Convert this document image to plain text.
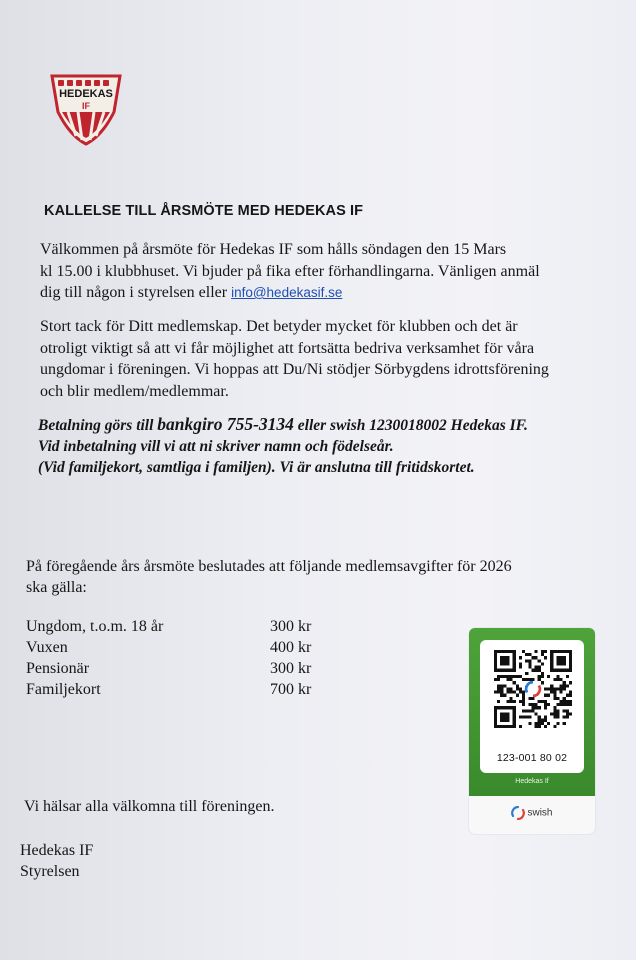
HEDEKAS
IF
KALLELSE TILL ÅRSMÖTE MED HEDEKAS IF

Välkommen på årsmöte för Hedekas IF som hålls söndagen den 15 Mars
kl 15.00 i klubbhuset. Vi bjuder på fika efter förhandlingarna. Vänligen anmäl
dig till någon i styrelsen eller info@hedekasif.se

Stort tack för Ditt medlemskap. Det betyder mycket för klubben och det är
otroligt viktigt så att vi får möjlighet att fortsätta bedriva verksamhet för våra
ungdomar i föreningen. Vi hoppas att Du/Ni stödjer Sörbygdens idrottsförening
och blir medlem/medlemmar.

Betalning görs till bankgiro 755-3134 eller swish 1230018002 Hedekas IF.
Vid inbetalning vill vi att ni skriver namn och födelseår.
(Vid familjekort, samtliga i familjen). Vi är anslutna till fritidskortet.
På föregående års årsmöte beslutades att följande medlemsavgifter för 2026
ska gälla:
Ungdom, t.o.m. 18 år	300 kr
Vuxen	400 kr
Pensionär	300 kr
Familjekort	700 kr
123-001 80 02
Hedekas If
swish
Vi hälsar alla välkomna till föreningen.
Hedekas IF
Styrelsen
